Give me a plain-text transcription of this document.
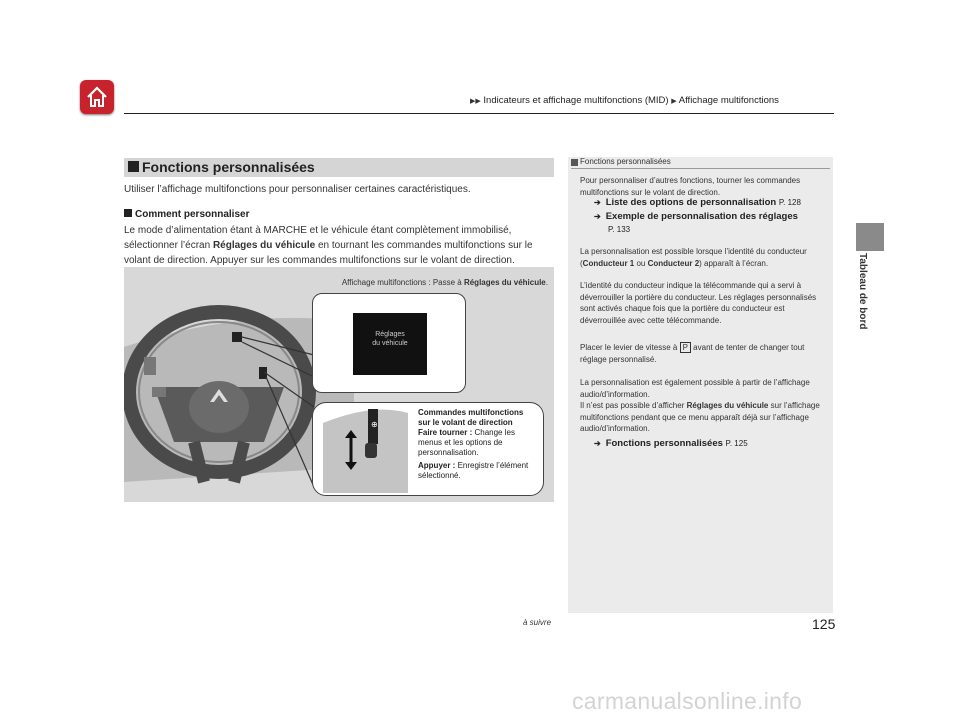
▶▶ Indicateurs et affichage multifonctions (MID) ▶ Affichage multifonctions
Tableau de bord
Fonctions personnalisées
Utiliser l’affichage multifonctions pour personnaliser certaines caractéristiques.
Comment personnaliser
Le mode d’alimentation étant à MARCHE et le véhicule étant complètement immobilisé, sélectionner l’écran Réglages du véhicule en tournant les commandes multifonctions sur le volant de direction. Appuyer sur les commandes multifonctions sur le volant de direction.
Affichage multifonctions : Passe à Réglages du véhicule.
Réglages
du véhicule
⊕
Commandes multifonctions
sur le volant de direction
Faire tourner : Change les menus et les options de personnalisation.
Appuyer : Enregistre l’élément sélectionné.
Fonctions personnalisées
Pour personnaliser d’autres fonctions, tourner les commandes multifonctions sur le volant de direction.
➔ Liste des options de personnalisation P. 128
➔ Exemple de personnalisation des réglages
P. 133
La personnalisation est possible lorsque l’identité du conducteur (Conducteur 1 ou Conducteur 2) apparaît à l’écran.
L’identité du conducteur indique la télécommande qui a servi à déverrouiller la portière du conducteur. Les réglages personnalisés sont activés chaque fois que la portière du conducteur est déverrouillée avec cette télécommande.
Placer le levier de vitesse à P avant de tenter de changer tout réglage personnalisé.
La personnalisation est également possible à partir de l’affichage audio/d’information.
Il n’est pas possible d’afficher Réglages du véhicule sur l’affichage multifonctions pendant que ce menu apparaît déjà sur l’affichage audio/d’information.
➔ Fonctions personnalisées P. 125
à suivre	125
carmanualsonline.info
